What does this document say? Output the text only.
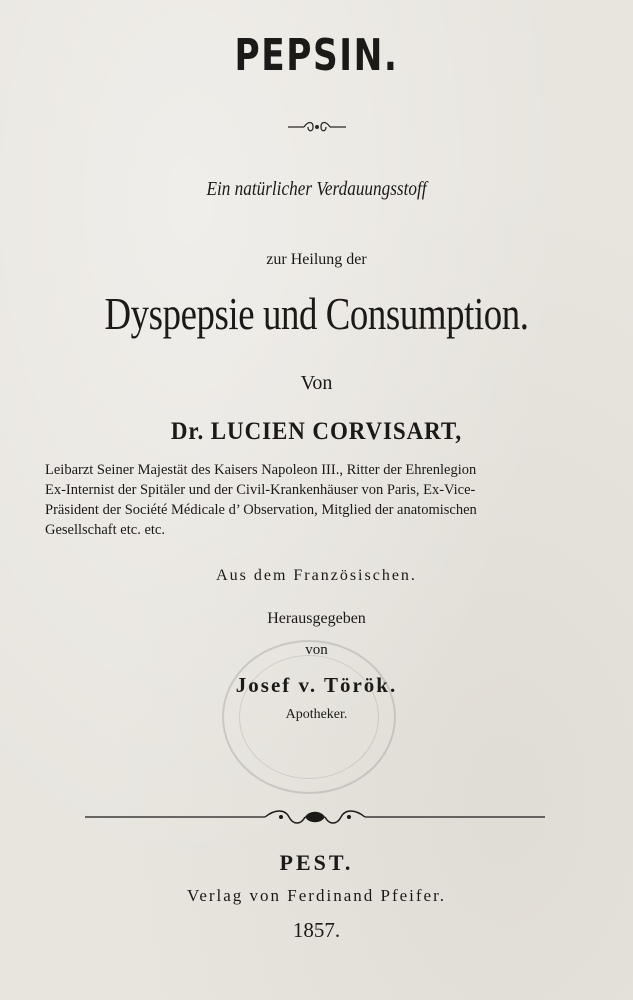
PEPSIN.
Ein natürlicher Verdauungsstoff
zur Heilung der
Dyspepsie und Consumption.
Von
Dr. LUCIEN CORVISART,
Leibarzt Seiner Majestät des Kaisers Napoleon III., Ritter der Ehrenlegion
Ex-Internist der Spitäler und der Civil-Krankenhäuser von Paris, Ex-Vice-
Präsident der Société Médicale d’ Observation, Mitglied der anatomischen
Gesellschaft etc. etc.
Aus dem Französischen.
Herausgegeben
von
Josef v. Török.
Apotheker.
PEST.
Verlag von Ferdinand Pfeifer.
1857.
